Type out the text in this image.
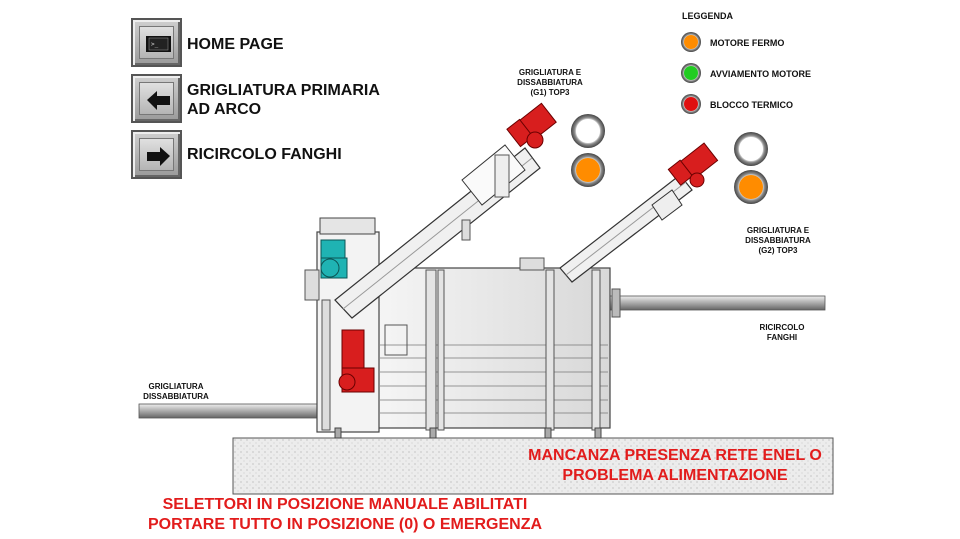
>_ HOME PAGE
GRIGLIATURA PRIMARIA
AD ARCO
RICIRCOLO FANGHI
LEGGENDA
MOTORE FERMO
AVVIAMENTO MOTORE
BLOCCO TERMICO
GRIGLIATURA E
DISSABBIATURA
(G1) TOP3
GRIGLIATURA E
DISSABBIATURA
(G2) TOP3
RICIRCOLO
FANGHI
GRIGLIATURA
DISSABBIATURA
MANCANZA PRESENZA RETE ENEL O
PROBLEMA ALIMENTAZIONE
SELETTORI IN POSIZIONE MANUALE ABILITATI
PORTARE TUTTO IN POSIZIONE (0) O EMERGENZA
